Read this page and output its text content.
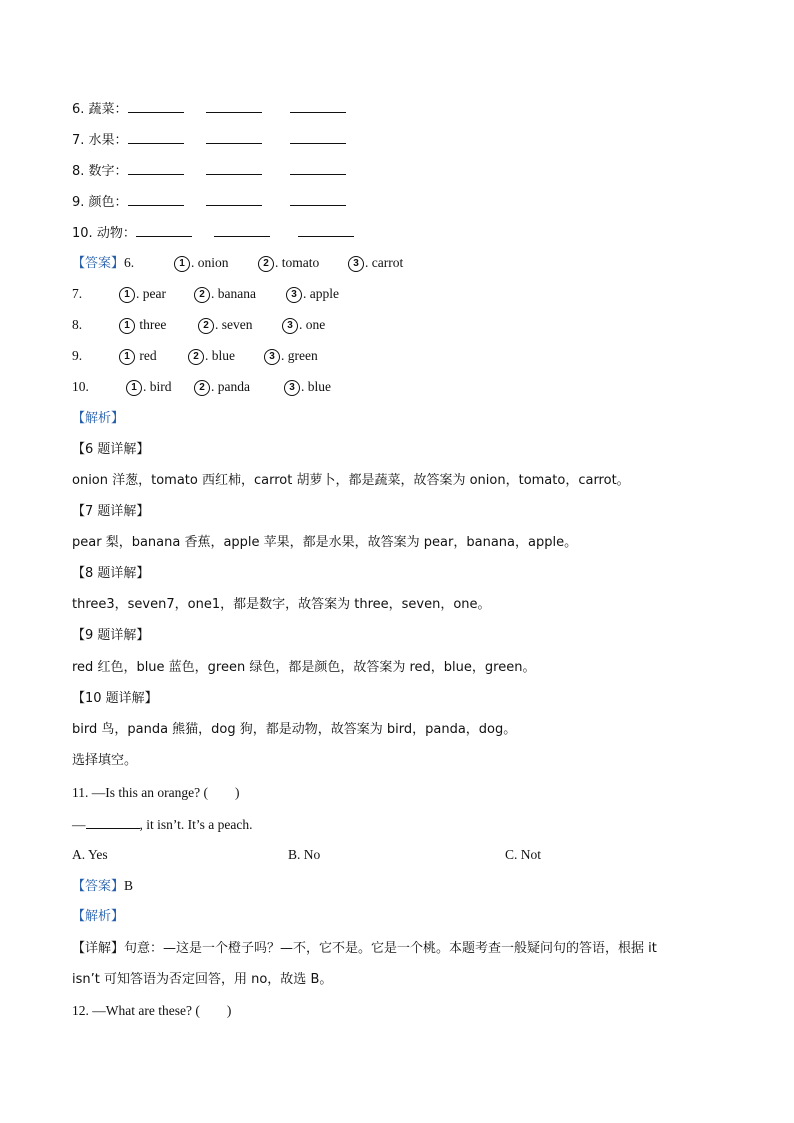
6. 蔬菜：
7. 水果：
8. 数字：
9. 颜色：
10. 动物：
【答案】6.	1 . onion	2 . tomato	3 . carrot
7.	1 . pear	2 . banana	3 . apple
8.	1 three	2 . seven	3 . one
9.	1 red	2 . blue	3 . green
10.	1 . bird	2 . panda	3 . blue
【解析】
【6 题详解】
onion 洋葱，tomato 西红柿，carrot 胡萝卜，都是蔬菜，故答案为 onion，tomato，carrot。
【7 题详解】
pear 梨，banana 香蕉，apple 苹果，都是水果，故答案为 pear，banana，apple。
【8 题详解】
three3，seven7，one1，都是数字，故答案为 three，seven，one。
【9 题详解】
red 红色，blue 蓝色，green 绿色，都是颜色，故答案为 red，blue，green。
【10 题详解】
bird 鸟，panda 熊猫，dog 狗，都是动物，故答案为 bird，panda，dog。
选择填空。
11. —Is this an orange? (　　)
—	, it isn’t. It’s a peach.
A. Yes	B. No	C. Not
【答案】B
【解析】
【详解】句意：—这是一个橙子吗？—不，它不是。它是一个桃。本题考查一般疑问句的答语，根据 it
isn’t 可知答语为否定回答，用 no，故选 B。
12. —What are these? (　　)
